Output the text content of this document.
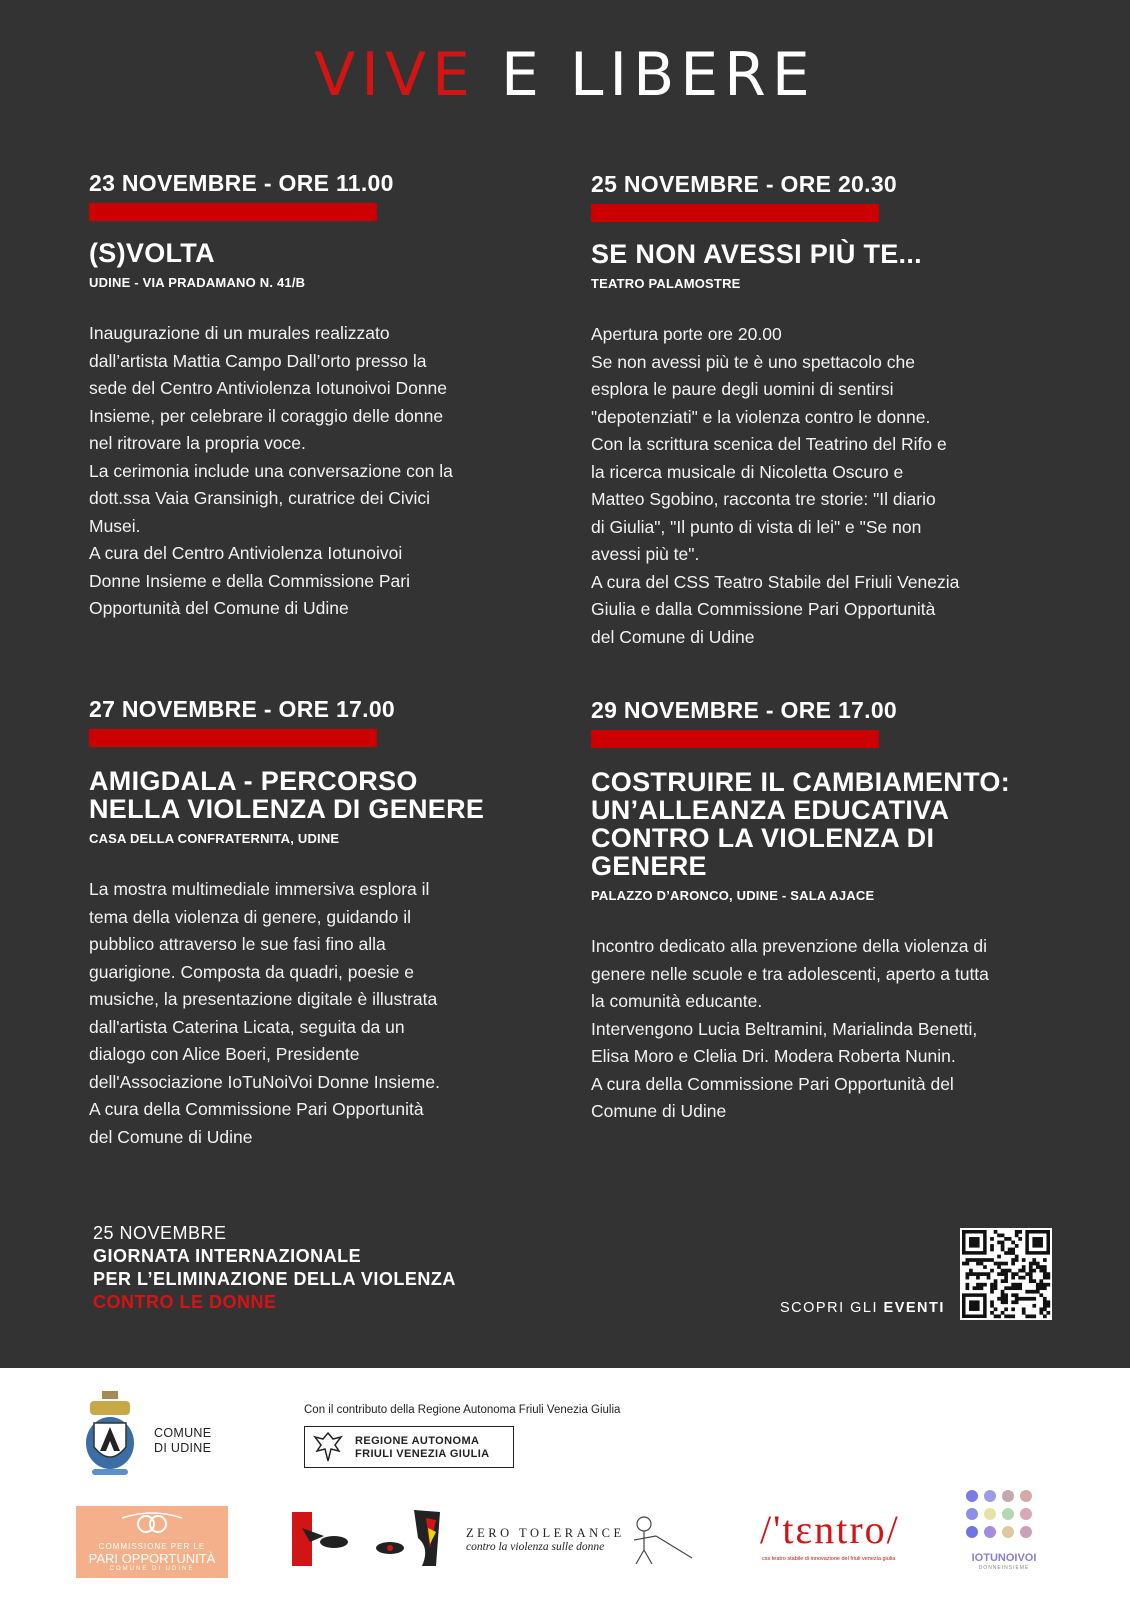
VIVE E LIBERE
23 NOVEMBRE - ORE 11.00
(S)VOLTA
UDINE - VIA PRADAMANO N. 41/B
Inaugurazione di un murales realizzato
dall’artista Mattia Campo Dall’orto presso la
sede del Centro Antiviolenza Iotunoivoi Donne
Insieme, per celebrare il coraggio delle donne
nel ritrovare la propria voce.
La cerimonia include una conversazione con la
dott.ssa Vaia Gransinigh, curatrice dei Civici
Musei.
A cura del Centro Antiviolenza Iotunoivoi
Donne Insieme e della Commissione Pari
Opportunità del Comune di Udine
25 NOVEMBRE - ORE 20.30
SE NON AVESSI PIÙ TE...
TEATRO PALAMOSTRE
Apertura porte ore 20.00
Se non avessi più te è uno spettacolo che
esplora le paure degli uomini di sentirsi
"depotenziati" e la violenza contro le donne.
Con la scrittura scenica del Teatrino del Rifo e
la ricerca musicale di Nicoletta Oscuro e
Matteo Sgobino, racconta tre storie: "Il diario
di Giulia", "Il punto di vista di lei" e "Se non
avessi più te".
A cura del CSS Teatro Stabile del Friuli Venezia
Giulia e dalla Commissione Pari Opportunità
del Comune di Udine
27 NOVEMBRE - ORE 17.00
AMIGDALA - PERCORSO
NELLA VIOLENZA DI GENERE
CASA DELLA CONFRATERNITA, UDINE
La mostra multimediale immersiva esplora il
tema della violenza di genere, guidando il
pubblico attraverso le sue fasi fino alla
guarigione. Composta da quadri, poesie e
musiche, la presentazione digitale è illustrata
dall'artista Caterina Licata, seguita da un
dialogo con Alice Boeri, Presidente
dell'Associazione IoTuNoiVoi Donne Insieme.
A cura della Commissione Pari Opportunità
del Comune di Udine
29 NOVEMBRE - ORE 17.00
COSTRUIRE IL CAMBIAMENTO:
UN’ALLEANZA EDUCATIVA
CONTRO LA VIOLENZA DI
GENERE
PALAZZO D’ARONCO, UDINE - SALA AJACE
Incontro dedicato alla prevenzione della violenza di
genere nelle scuole e tra adolescenti, aperto a tutta
la comunità educante.
Intervengono Lucia Beltramini, Marialinda Benetti,
Elisa Moro e Clelia Dri. Modera Roberta Nunin.
A cura della Commissione Pari Opportunità del
Comune di Udine
25 NOVEMBRE
GIORNATA INTERNAZIONALE
PER L’ELIMINAZIONE DELLA VIOLENZA
CONTRO LE DONNE	SCOPRI GLI EVENTI
COMUNE
DI UDINE
Con il contributo della Regione Autonoma Friuli Venezia Giulia
REGIONE AUTONOMA
FRIULI VENEZIA GIULIA
COMMISSIONE PER LE
PARI OPPORTUNITÀ
COMUNE DI UDINE
ZERO TOLERANCE
contro la violenza sulle donne	/'tɛntro/
css teatro stabile di innovazione del friuli venezia giulia	IOTUNOIVOI
DONNEINSIEME
